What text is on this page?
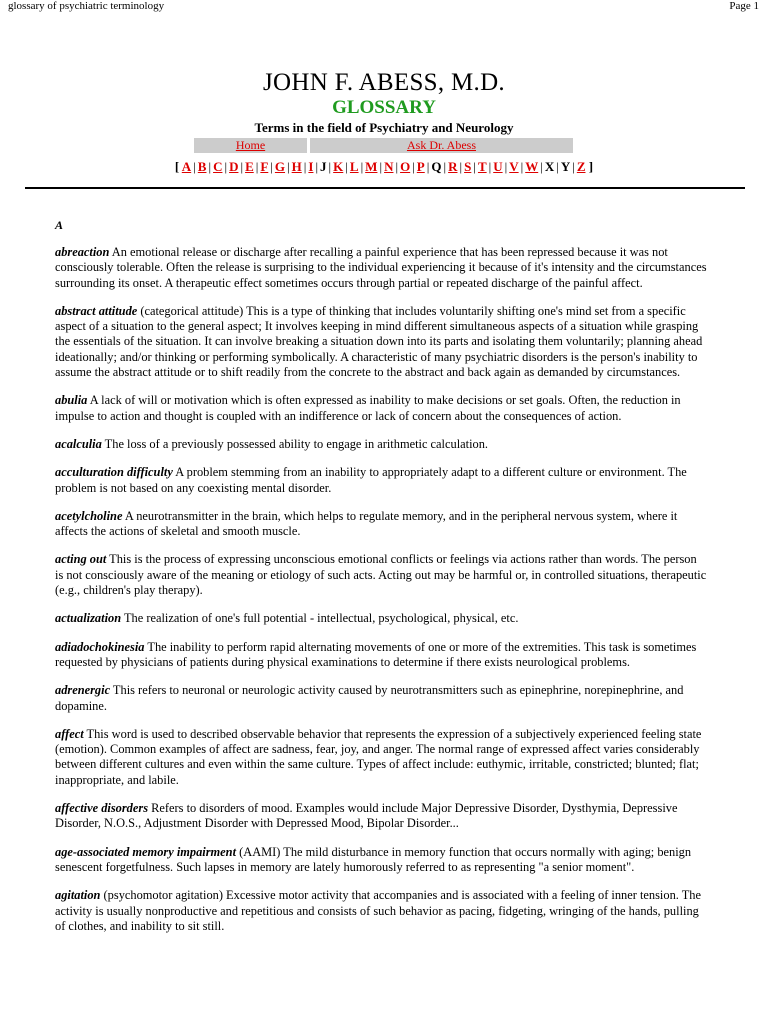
glossary of psychiatric terminology	Page 1
JOHN F. ABESS, M.D.
GLOSSARY
Terms in the field of Psychiatry and Neurology
Home	Ask Dr. Abess
[ A | B | C | D | E | F | G | H | I | J | K | L | M | N | O | P | Q | R | S | T | U | V | W | X | Y | Z ]
A

abreaction An emotional release or discharge after recalling a painful experience that has been repressed because it was not consciously tolerable. Often the release is surprising to the individual experiencing it because of it's intensity and the circumstances surrounding its onset. A therapeutic effect sometimes occurs through partial or repeated discharge of the painful affect.

abstract attitude (categorical attitude) This is a type of thinking that includes voluntarily shifting one's mind set from a specific aspect of a situation to the general aspect; It involves keeping in mind different simultaneous aspects of a situation while grasping the essentials of the situation. It can involve breaking a situation down into its parts and isolating them voluntarily; planning ahead ideationally; and/or thinking or performing symbolically. A characteristic of many psychiatric disorders is the person's inability to assume the abstract attitude or to shift readily from the concrete to the abstract and back again as demanded by circumstances.

abulia A lack of will or motivation which is often expressed as inability to make decisions or set goals. Often, the reduction in impulse to action and thought is coupled with an indifference or lack of concern about the consequences of action.

acalculia The loss of a previously possessed ability to engage in arithmetic calculation.

acculturation difficulty A problem stemming from an inability to appropriately adapt to a different culture or environment. The problem is not based on any coexisting mental disorder.

acetylcholine A neurotransmitter in the brain, which helps to regulate memory, and in the peripheral nervous system, where it affects the actions of skeletal and smooth muscle.

acting out This is the process of expressing unconscious emotional conflicts or feelings via actions rather than words. The person is not consciously aware of the meaning or etiology of such acts. Acting out may be harmful or, in controlled situations, therapeutic (e.g., children's play therapy).

actualization The realization of one's full potential - intellectual, psychological, physical, etc.

adiadochokinesia The inability to perform rapid alternating movements of one or more of the extremities. This task is sometimes requested by physicians of patients during physical examinations to determine if there exists neurological problems.

adrenergic This refers to neuronal or neurologic activity caused by neurotransmitters such as epinephrine, norepinephrine, and dopamine.

affect This word is used to described observable behavior that represents the expression of a subjectively experienced feeling state (emotion). Common examples of affect are sadness, fear, joy, and anger. The normal range of expressed affect varies considerably between different cultures and even within the same culture. Types of affect include: euthymic, irritable, constricted; blunted; flat; inappropriate, and labile.

affective disorders Refers to disorders of mood. Examples would include Major Depressive Disorder, Dysthymia, Depressive Disorder, N.O.S., Adjustment Disorder with Depressed Mood, Bipolar Disorder...

age-associated memory impairment (AAMI) The mild disturbance in memory function that occurs normally with aging; benign senescent forgetfulness. Such lapses in memory are lately humorously referred to as representing "a senior moment".

agitation (psychomotor agitation) Excessive motor activity that accompanies and is associated with a feeling of inner tension. The activity is usually nonproductive and repetitious and consists of such behavior as pacing, fidgeting, wringing of the hands, pulling of clothes, and inability to sit still.
